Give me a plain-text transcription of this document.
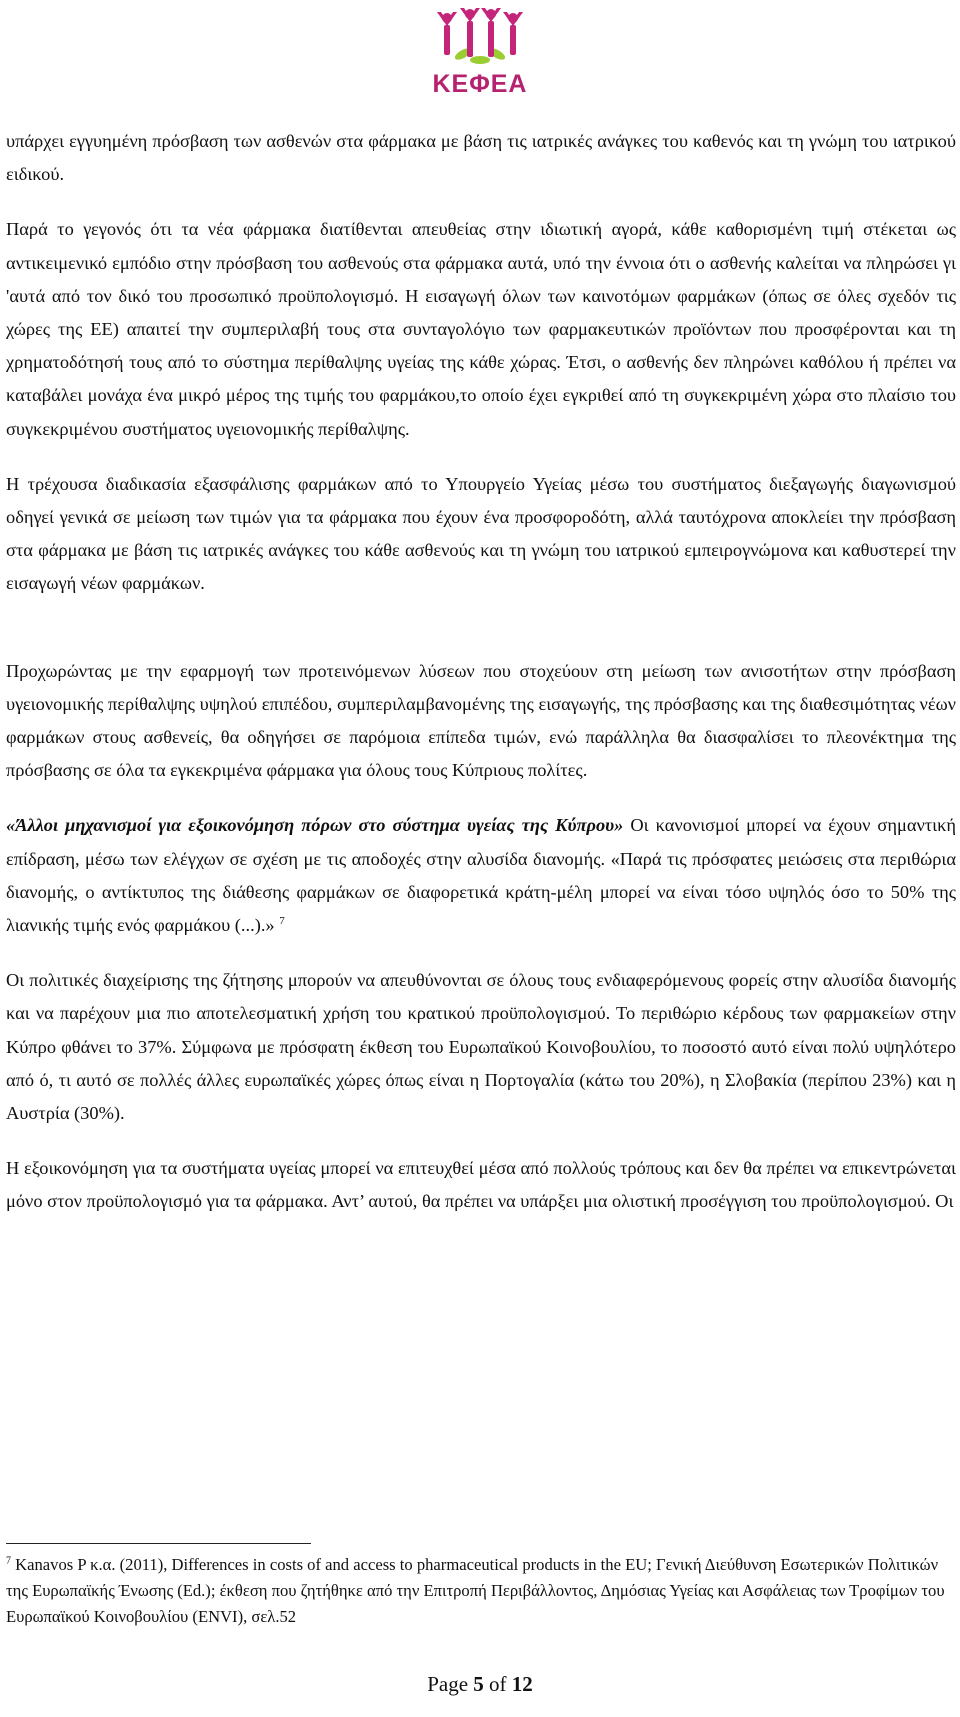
ΚΕΦΕΑ

υπάρχει εγγυημένη πρόσβαση των ασθενών στα φάρμακα με βάση τις ιατρικές ανάγκες του καθενός και τη γνώμη του ιατρικού ειδικού.

Παρά το γεγονός ότι τα νέα φάρμακα διατίθενται απευθείας στην ιδιωτική αγορά, κάθε καθορισμένη τιμή στέκεται ως αντικειμενικό εμπόδιο στην πρόσβαση του ασθενούς στα φάρμακα αυτά, υπό την έννοια ότι ο ασθενής καλείται να πληρώσει γι 'αυτά από τον δικό του προσωπικό προϋπολογισμό. Η εισαγωγή όλων των καινοτόμων φαρμάκων (όπως σε όλες σχεδόν τις χώρες της ΕΕ) απαιτεί την συμπεριλαβή τους στα συνταγολόγιο των φαρμακευτικών προϊόντων που προσφέρονται και τη χρηματοδότησή τους από το σύστημα περίθαλψης υγείας της κάθε χώρας. Έτσι, ο ασθενής δεν πληρώνει καθόλου ή πρέπει να καταβάλει μονάχα ένα μικρό μέρος της τιμής του φαρμάκου,το οποίο έχει εγκριθεί από τη συγκεκριμένη χώρα στο πλαίσιο του συγκεκριμένου συστήματος υγειονομικής περίθαλψης.

Η τρέχουσα διαδικασία εξασφάλισης φαρμάκων από το Υπουργείο Υγείας μέσω του συστήματος διεξαγωγής διαγωνισμού οδηγεί γενικά σε μείωση των τιμών για τα φάρμακα που έχουν ένα προσφοροδότη, αλλά ταυτόχρονα αποκλείει την πρόσβαση στα φάρμακα με βάση τις ιατρικές ανάγκες του κάθε ασθενούς και τη γνώμη του ιατρικού εμπειρογνώμονα και καθυστερεί την εισαγωγή νέων φαρμάκων.

Προχωρώντας με την εφαρμογή των προτεινόμενων λύσεων που στοχεύουν στη μείωση των ανισοτήτων στην πρόσβαση υγειονομικής περίθαλψης υψηλού επιπέδου, συμπεριλαμβανομένης της εισαγωγής, της πρόσβασης και της διαθεσιμότητας νέων φαρμάκων στους ασθενείς, θα οδηγήσει σε παρόμοια επίπεδα τιμών, ενώ παράλληλα θα διασφαλίσει το πλεονέκτημα της πρόσβασης σε όλα τα εγκεκριμένα φάρμακα για όλους τους Κύπριους πολίτες.

«Άλλοι μηχανισμοί για εξοικονόμηση πόρων στο σύστημα υγείας της Κύπρου» Οι κανονισμοί μπορεί να έχουν σημαντική επίδραση, μέσω των ελέγχων σε σχέση με τις αποδοχές στην αλυσίδα διανομής. «Παρά τις πρόσφατες μειώσεις στα περιθώρια διανομής, ο αντίκτυπος της διάθεσης φαρμάκων σε διαφορετικά κράτη-μέλη μπορεί να είναι τόσο υψηλός όσο το 50% της λιανικής τιμής ενός φαρμάκου (...).» $^7$

Οι πολιτικές διαχείρισης της ζήτησης μπορούν να απευθύνονται σε όλους τους ενδιαφερόμενους φορείς στην αλυσίδα διανομής και να παρέχουν μια πιο αποτελεσματική χρήση του κρατικού προϋπολογισμού. Το περιθώριο κέρδους των φαρμακείων στην Κύπρο φθάνει το 37%. Σύμφωνα με πρόσφατη έκθεση του Ευρωπαϊκού Κοινοβουλίου, το ποσοστό αυτό είναι πολύ υψηλότερο από ό, τι αυτό σε πολλές άλλες ευρωπαϊκές χώρες όπως είναι η Πορτογαλία (κάτω του 20%), η Σλοβακία (περίπου 23%) και η Αυστρία (30%).

Η εξοικονόμηση για τα συστήματα υγείας μπορεί να επιτευχθεί μέσα από πολλούς τρόπους και δεν θα πρέπει να επικεντρώνεται μόνο στον προϋπολογισμό για τα φάρμακα. Αντ’ αυτού, θα πρέπει να υπάρξει μια ολιστική προσέγγιση του προϋπολογισμού. Οι

$^7$ Kanavos P κ.α. (2011), Differences in costs of and access to pharmaceutical products in the EU; Γενική Διεύθυνση Εσωτερικών Πολιτικών της Ευρωπαϊκής Ένωσης (Ed.); έκθεση που ζητήθηκε από την Επιτροπή Περιβάλλοντος, Δημόσιας Υγείας και Ασφάλειας των Τροφίμων του Ευρωπαϊκού Κοινοβουλίου (ENVI), σελ.52
Page 5 of 12
